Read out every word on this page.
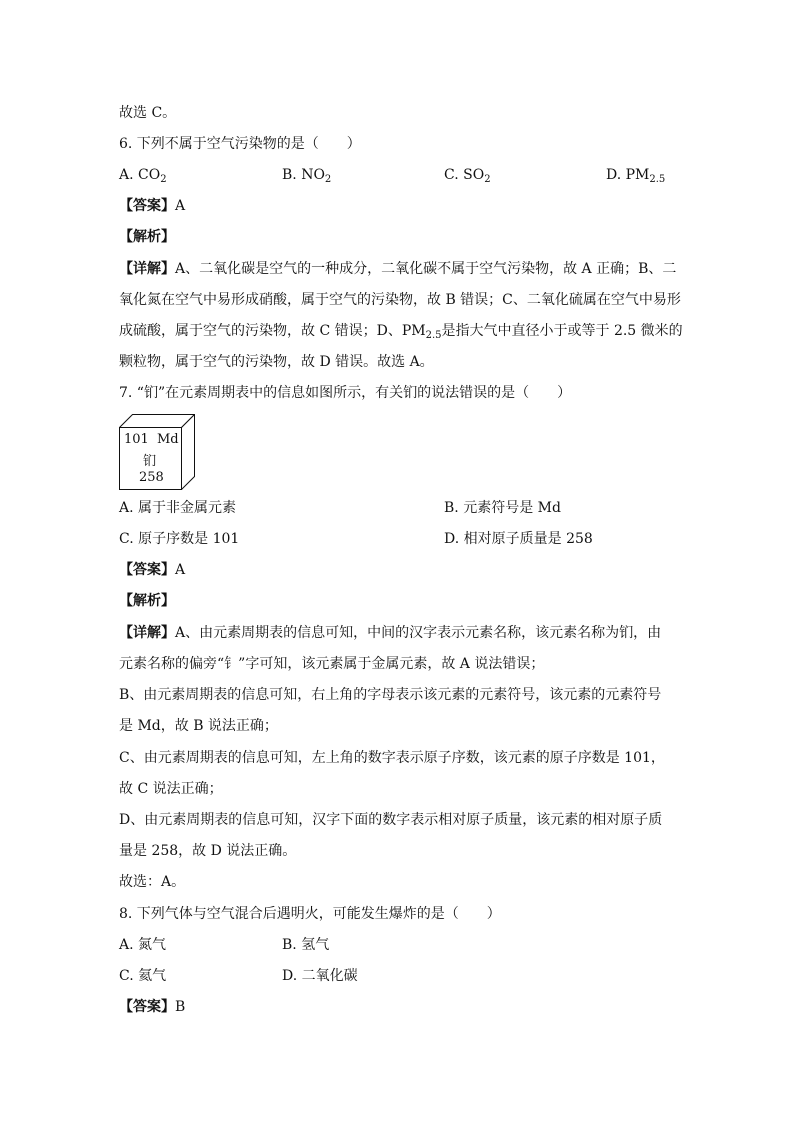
故选 C。
6. 下列不属于空气污染物的是（　　）
A. $CO_2$	B. $NO_2$	C. $SO_2$	D. $PM_{2.5}$
【答案】A
【解析】
【详解】A、二氧化碳是空气的一种成分，二氧化碳不属于空气污染物，故 A 正确；B、二
氧化氮在空气中易形成硝酸，属于空气的污染物，故 B 错误；C、二氧化硫属在空气中易形
成硫酸，属于空气的污染物，故 C 错误；D、$PM_{2.5}$是指大气中直径小于或等于 2.5 微米的
颗粒物，属于空气的污染物，故 D 错误。故选 A。
7. “钔”在元素周期表中的信息如图所示，有关钔的说法错误的是（　　）
101 Md
钔
258
A. 属于非金属元素	B. 元素符号是 Md
C. 原子序数是 101	D. 相对原子质量是 258
【答案】A
【解析】
【详解】A、由元素周期表的信息可知，中间的汉字表示元素名称，该元素名称为钔，由
元素名称的偏旁“钅”字可知，该元素属于金属元素，故 A 说法错误；
B、由元素周期表的信息可知，右上角的字母表示该元素的元素符号，该元素的元素符号
是 Md，故 B 说法正确；
C、由元素周期表的信息可知，左上角的数字表示原子序数，该元素的原子序数是 101，
故 C 说法正确；
D、由元素周期表的信息可知，汉字下面的数字表示相对原子质量，该元素的相对原子质
量是 258，故 D 说法正确。
故选：A。
8. 下列气体与空气混合后遇明火，可能发生爆炸的是（　　）
A. 氮气	B. 氢气
C. 氦气	D. 二氧化碳
【答案】B
